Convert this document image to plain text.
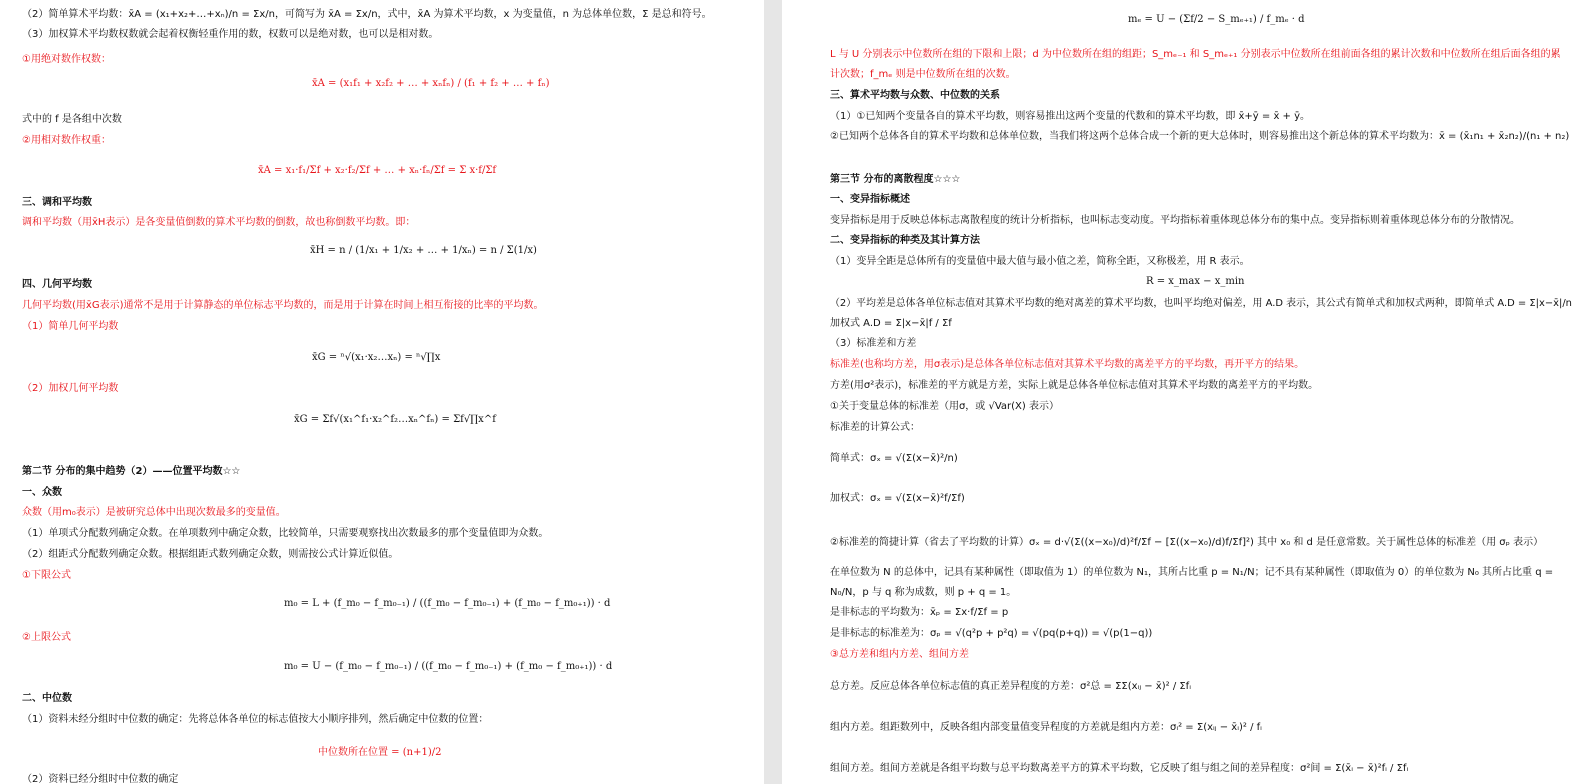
（2）简单算术平均数：x̄A = (x₁+x₂+…+xₙ)/n = Σx/n，可简写为 x̄A = Σx/n，式中，x̄A 为算术平均数，x 为变量值，n 为总体单位数，Σ 是总和符号。
（3）加权算术平均数权数就会起着权衡轻重作用的数，权数可以是绝对数，也可以是相对数。
①用绝对数作权数：
x̄A = (x₁f₁ + x₂f₂ + … + xₙfₙ) / (f₁ + f₂ + … + fₙ)
式中的 f 是各组中次数
②用相对数作权重：
x̄A = x₁·f₁/Σf + x₂·f₂/Σf + … + xₙ·fₙ/Σf = Σ x·f/Σf
三、调和平均数
调和平均数（用x̄H表示）是各变量值倒数的算术平均数的倒数，故也称倒数平均数。即：
x̄H = n / (1/x₁ + 1/x₂ + … + 1/xₙ) = n / Σ(1/x)
四、几何平均数
几何平均数(用x̄G表示)通常不是用于计算静态的单位标志平均数的，而是用于计算在时间上相互衔接的比率的平均数。
（1）简单几何平均数
x̄G = ⁿ√(x₁·x₂…xₙ) = ⁿ√∏x
（2）加权几何平均数
x̄G = Σf√(x₁^f₁·x₂^f₂…xₙ^fₙ) = Σf√∏x^f
第二节 分布的集中趋势（2）——位置平均数☆☆
一、众数
众数（用m₀表示）是被研究总体中出现次数最多的变量值。
（1）单项式分配数列确定众数。在单项数列中确定众数，比较简单，只需要观察找出次数最多的那个变量值即为众数。
（2）组距式分配数列确定众数。根据组距式数列确定众数，则需按公式计算近似值。
①下限公式
m₀ = L + (f_m₀ − f_m₀₋₁) / ((f_m₀ − f_m₀₋₁) + (f_m₀ − f_m₀₊₁)) · d
②上限公式
m₀ = U − (f_m₀ − f_m₀₋₁) / ((f_m₀ − f_m₀₋₁) + (f_m₀ − f_m₀₊₁)) · d
二、中位数
（1）资料未经分组时中位数的确定：先将总体各单位的标志值按大小顺序排列，然后确定中位数的位置：
中位数所在位置 = (n+1)/2
（2）资料已经分组时中位数的确定
mₑ = U − (Σf/2 − S_mₑ₊₁) / f_mₑ · d
L 与 U 分别表示中位数所在组的下限和上限；d 为中位数所在组的组距；S_mₑ₋₁ 和 S_mₑ₊₁ 分别表示中位数所在组前面各组的累计次数和中位数所在组后面各组的累
计次数；f_mₑ 则是中位数所在组的次数。
三、算术平均数与众数、中位数的关系
（1）①已知两个变量各自的算术平均数，则容易推出这两个变量的代数和的算术平均数，即 x̄+ȳ = x̄ + ȳ。
②已知两个总体各自的算术平均数和总体单位数，当我们将这两个总体合成一个新的更大总体时，则容易推出这个新总体的算术平均数为：x̄ = (x̄₁n₁ + x̄₂n₂)/(n₁ + n₂)
第三节 分布的离散程度☆☆☆
一、变异指标概述
变异指标是用于反映总体标志离散程度的统计分析指标，也叫标志变动度。平均指标着重体现总体分布的集中点。变异指标则着重体现总体分布的分散情况。
二、变异指标的种类及其计算方法
（1）变异全距是总体所有的变量值中最大值与最小值之差，简称全距，又称极差，用 R 表示。
R = x_max − x_min
（2）平均差是总体各单位标志值对其算术平均数的绝对离差的算术平均数，也叫平均绝对偏差，用 A.D 表示，其公式有简单式和加权式两种，即简单式 A.D = Σ|x−x̄|/n
加权式 A.D = Σ|x−x̄|f / Σf
（3）标准差和方差
标准差(也称均方差，用σ表示)是总体各单位标志值对其算术平均数的离差平方的平均数，再开平方的结果。
方差(用σ²表示)，标准差的平方就是方差，实际上就是总体各单位标志值对其算术平均数的离差平方的平均数。
①关于变量总体的标准差（用σ，或 √Var(X) 表示）
标准差的计算公式：
简单式：σₓ = √(Σ(x−x̄)²/n)
加权式：σₓ = √(Σ(x−x̄)²f/Σf)
②标准差的简捷计算（省去了平均数的计算）σₓ = d·√(Σ((x−x₀)/d)²f/Σf − [Σ((x−x₀)/d)f/Σf]²) 其中 x₀ 和 d 是任意常数。关于属性总体的标准差（用 σₚ 表示）
在单位数为 N 的总体中，记具有某种属性（即取值为 1）的单位数为 N₁，其所占比重 p = N₁/N；记不具有某种属性（即取值为 0）的单位数为 N₀ 其所占比重 q =
N₀/N，p 与 q 称为成数，则 p + q = 1。
是非标志的平均数为：x̄ₚ = Σx·f/Σf = p
是非标志的标准差为：σₚ = √(q²p + p²q) = √(pq(p+q)) = √(p(1−q))
③总方差和组内方差、组间方差
总方差。反应总体各单位标志值的真正差异程度的方差：σ²总 = ΣΣ(xᵢⱼ − x̄)² / Σfᵢ
组内方差。组距数列中，反映各组内部变量值变异程度的方差就是组内方差：σᵢ² = Σ(xᵢⱼ − x̄ᵢ)² / fᵢ
组间方差。组间方差就是各组平均数与总平均数离差平方的算术平均数，它反映了组与组之间的差异程度：σ²间 = Σ(x̄ᵢ − x̄)²fᵢ / Σfᵢ
